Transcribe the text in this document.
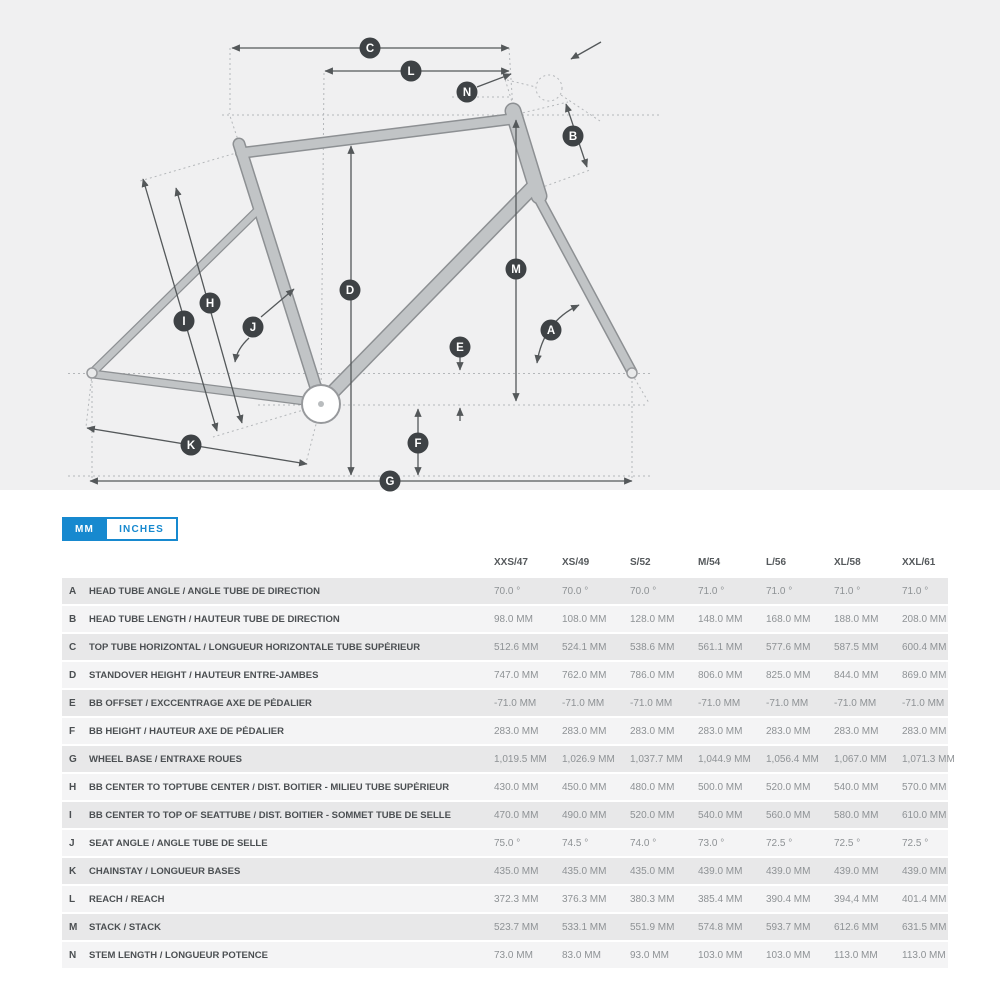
A
B
C
D
E
F
G
H
I	J
K
L
M
N
MM	INCHES
XXS/47	XS/49	S/52	M/54	L/56	XL/58	XXL/61
A	HEAD TUBE ANGLE / ANGLE TUBE DE DIRECTION	70.0 °	70.0 °	70.0 °	71.0 °	71.0 °	71.0 °	71.0 °
B	HEAD TUBE LENGTH / HAUTEUR TUBE DE DIRECTION	98.0 MM	108.0 MM	128.0 MM	148.0 MM	168.0 MM	188.0 MM	208.0 MM
C	TOP TUBE HORIZONTAL / LONGUEUR HORIZONTALE TUBE SUPÉRIEUR	512.6 MM	524.1 MM	538.6 MM	561.1 MM	577.6 MM	587.5 MM	600.4 MM
D	STANDOVER HEIGHT / HAUTEUR ENTRE-JAMBES	747.0 MM	762.0 MM	786.0 MM	806.0 MM	825.0 MM	844.0 MM	869.0 MM
E	BB OFFSET / EXCCENTRAGE AXE DE PÉDALIER	-71.0 MM	-71.0 MM	-71.0 MM	-71.0 MM	-71.0 MM	-71.0 MM	-71.0 MM
F	BB HEIGHT / HAUTEUR AXE DE PÉDALIER	283.0 MM	283.0 MM	283.0 MM	283.0 MM	283.0 MM	283.0 MM	283.0 MM
G	WHEEL BASE / ENTRAXE ROUES	1,019.5 MM	1,026.9 MM	1,037.7 MM	1,044.9 MM	1,056.4 MM	1,067.0 MM	1,071.3 MM
H	BB CENTER TO TOPTUBE CENTER / DIST. BOITIER - MILIEU TUBE SUPÉRIEUR	430.0 MM	450.0 MM	480.0 MM	500.0 MM	520.0 MM	540.0 MM	570.0 MM
I	BB CENTER TO TOP OF SEATTUBE / DIST. BOITIER - SOMMET TUBE DE SELLE	470.0 MM	490.0 MM	520.0 MM	540.0 MM	560.0 MM	580.0 MM	610.0 MM
J	SEAT ANGLE / ANGLE TUBE DE SELLE	75.0 °	74.5 °	74.0 °	73.0 °	72.5 °	72.5 °	72.5 °
K	CHAINSTAY / LONGUEUR BASES	435.0 MM	435.0 MM	435.0 MM	439.0 MM	439.0 MM	439.0 MM	439.0 MM
L	REACH / REACH	372.3 MM	376.3 MM	380.3 MM	385.4 MM	390.4 MM	394,4 MM	401.4 MM
M	STACK / STACK	523.7 MM	533.1 MM	551.9 MM	574.8 MM	593.7 MM	612.6 MM	631.5 MM
N	STEM LENGTH / LONGUEUR POTENCE	73.0 MM	83.0 MM	93.0 MM	103.0 MM	103.0 MM	113.0 MM	113.0 MM
